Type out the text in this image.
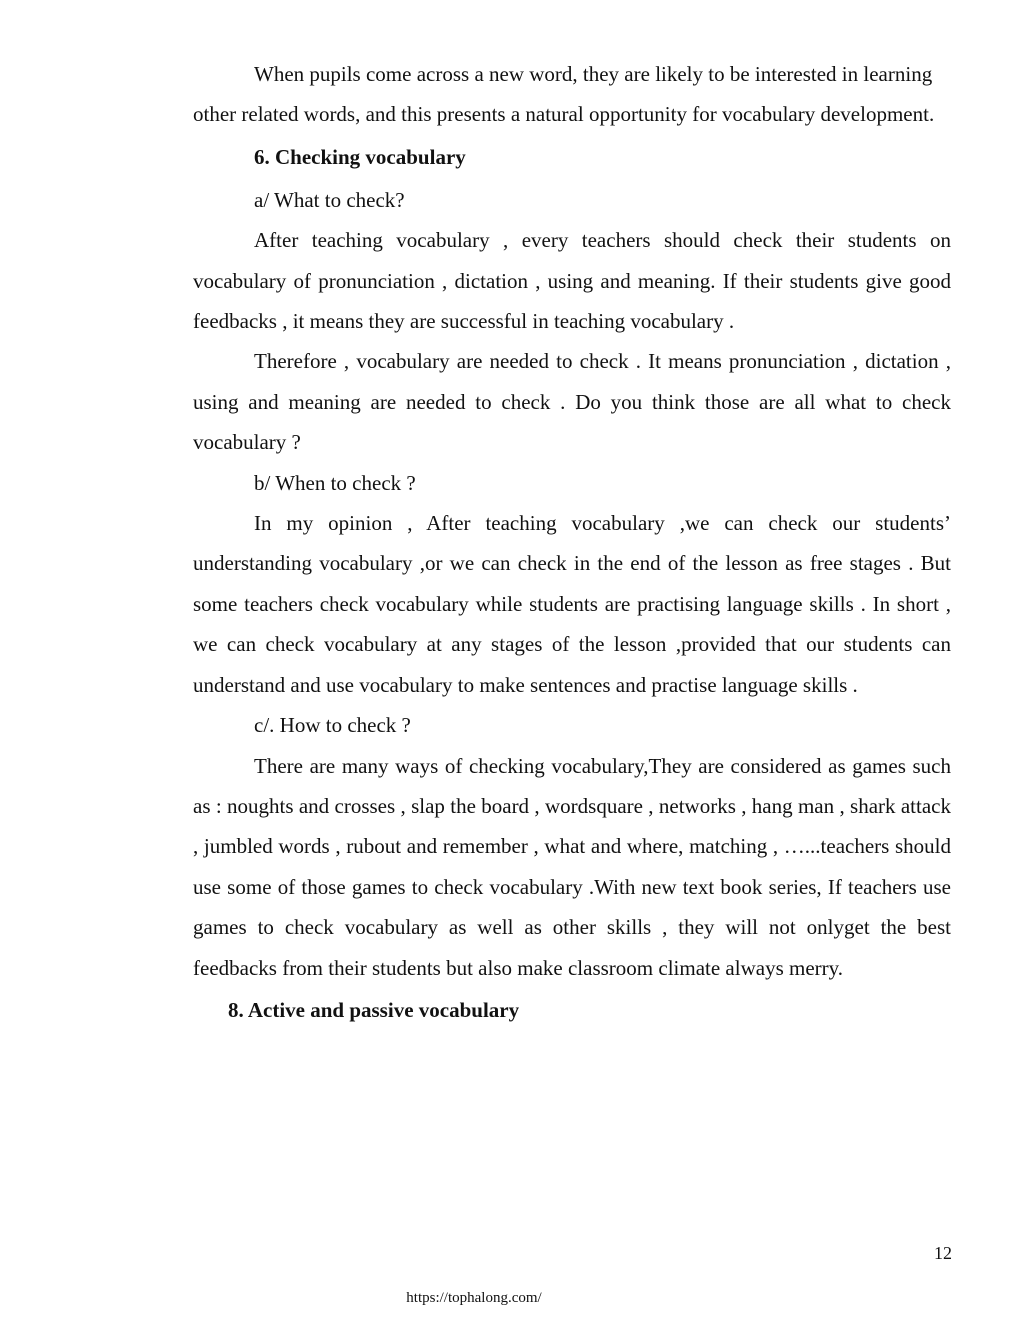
When pupils come across a new word, they are likely to be interested in learning other related words, and this presents a natural opportunity for vocabulary development.

6. Checking vocabulary

a/ What to check?

After teaching vocabulary , every teachers should check their students on vocabulary of pronunciation , dictation , using and meaning. If their students give good feedbacks , it means they are successful in teaching vocabulary .

Therefore , vocabulary are needed to check . It means pronunciation , dictation , using and meaning are needed to check . Do you think those are all what to check vocabulary ?

b/ When to check ?

In my opinion , After teaching vocabulary ,we can check our students’ understanding vocabulary ,or we can check in the end of the lesson as free stages . But some teachers check vocabulary while students are practising language skills . In short , we can check vocabulary at any stages of the lesson ,provided that our students can understand and use vocabulary to make sentences and practise language skills .

c/. How to check ?

There are many ways of checking vocabulary,They are considered as games such as : noughts and crosses , slap the board , wordsquare , networks , hang man , shark attack , jumbled words , rubout and remember , what and where, matching , …...teachers should use some of those games to check vocabulary .With new text book series, If teachers use games to check vocabulary as well as other skills , they will not onlyget the best feedbacks from their students but also make classroom climate always merry.

8. Active and passive vocabulary

12
https://tophalong.com/
